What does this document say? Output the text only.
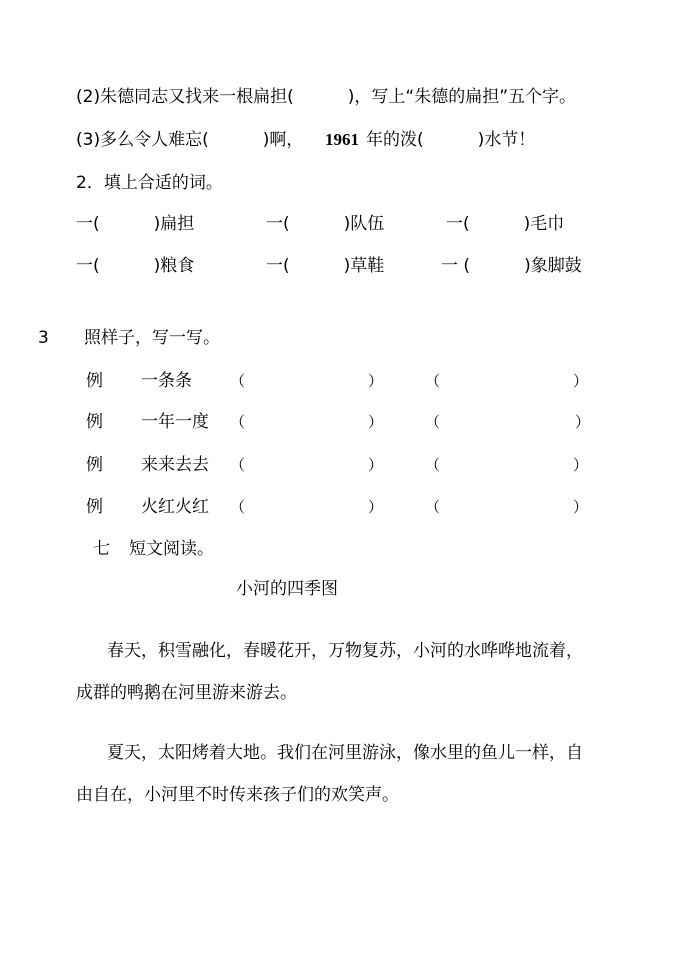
(2)朱德同志又找来一根扁担(          )，写上“朱德的扁担”五个字。
(3)多么令人难忘(          )啊， 1961 年的泼(          )水节！
2．填上合适的词。
一(          )扁担	一(          )队伍	一(          )毛巾
一(          )粮食	一(          )草鞋	一 (          )象脚鼓
3 照样子，写一写。
例 一条条	（	）	（	）
例 一年一度 （	）	（	）
例 来来去去 （	）	（	）
例 火红火红 （	）	（	）
七 短文阅读。
小河的四季图
春天，积雪融化，春暖花开，万物复苏，小河的水哗哗地流着，
成群的鸭鹅在河里游来游去。
夏天，太阳烤着大地。我们在河里游泳，像水里的鱼儿一样，自
由自在，小河里不时传来孩子们的欢笑声。
